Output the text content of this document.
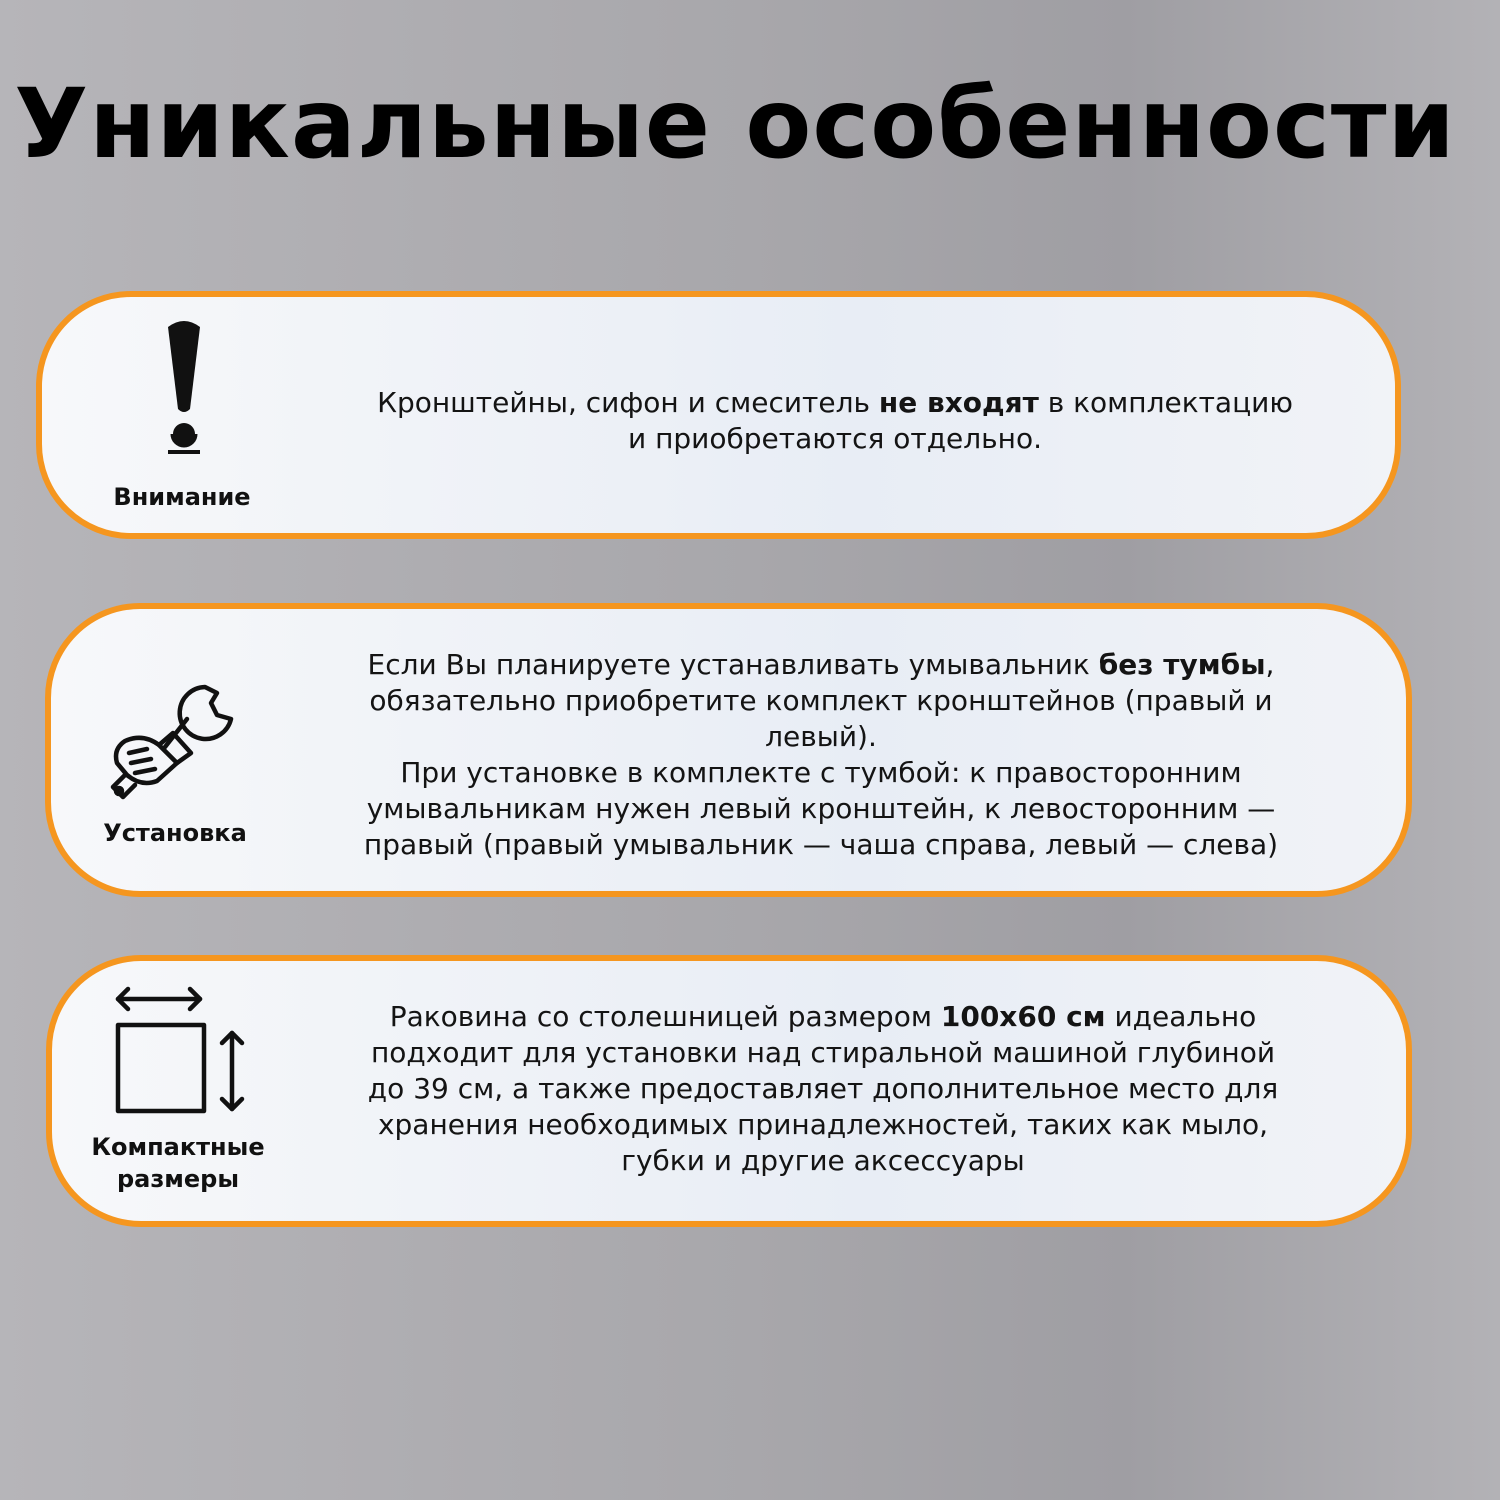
Уникальные особенности
Внимание
Кронштейны, сифон и смеситель не входят в комплектацию
и приобретаются отдельно.
Установка
Если Вы планируете устанавливать умывальник без тумбы,
обязательно приобретите комплект кронштейнов (правый и
левый).
При установке в комплекте с тумбой: к правосторонним
умывальникам нужен левый кронштейн, к левосторонним —
правый (правый умывальник — чаша справа, левый — слева)
Компактные
размеры
Раковина со столешницей размером 100x60 см идеально
подходит для установки над стиральной машиной глубиной
до 39 см, а также предоставляет дополнительное место для
хранения необходимых принадлежностей, таких как мыло,
губки и другие аксессуары
